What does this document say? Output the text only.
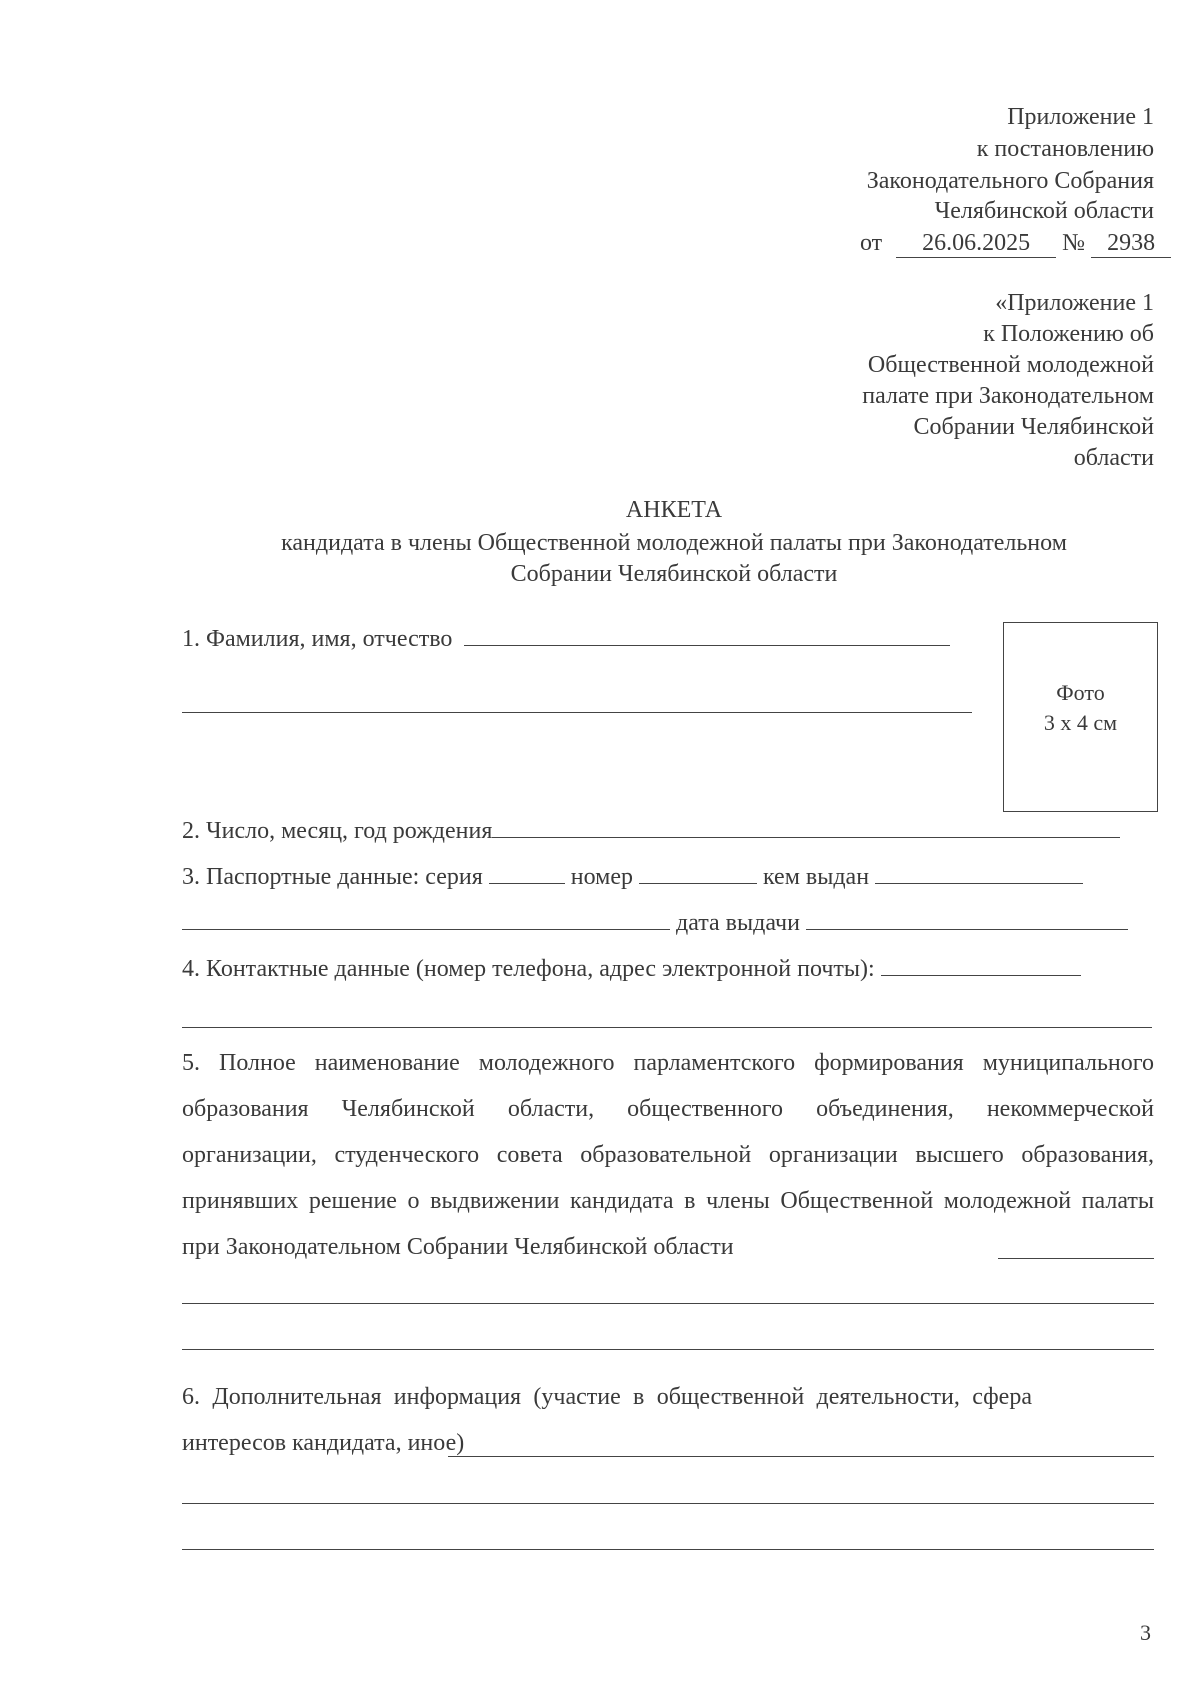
Приложение 1
к постановлению
Законодательного Собрания
Челябинской области
от 26.06.2025 № 2938
«Приложение 1
к Положению об
Общественной молодежной
палате при Законодательном
Собрании Челябинской
области
АНКЕТА
кандидата в члены Общественной молодежной палаты при Законодательном
Собрании Челябинской области
Фото
3 х 4 см
1. Фамилия, имя, отчество
2. Число, месяц, год рождения
3. Паспортные данные: серия	номер	кем выдан
дата выдачи
4. Контактные данные (номер телефона, адрес электронной почты):
5. Полное наименование молодежного парламентского формирования муниципального образования Челябинской области, общественного объединения, некоммерческой организации, студенческого совета образовательной организации высшего образования, принявших решение о выдвижении кандидата в члены Общественной молодежной палаты при Законодательном Собрании Челябинской области
6. Дополнительная информация (участие в общественной деятельности, сфера интересов кандидата, иное)
3
